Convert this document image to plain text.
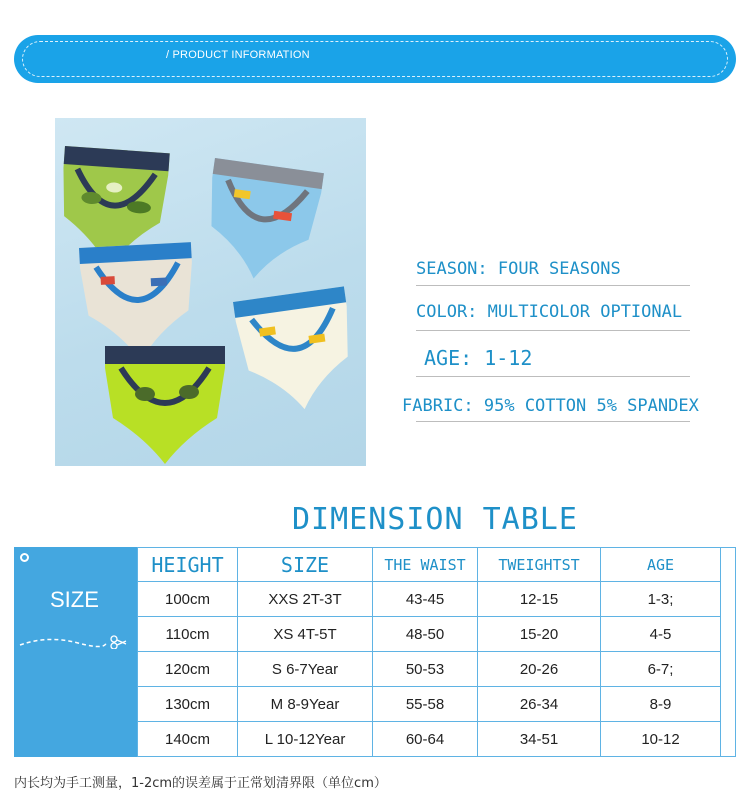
/ PRODUCT INFORMATION
SEASON: FOUR SEASONS
COLOR: MULTICOLOR OPTIONAL
AGE: 1-12
FABRIC: 95% COTTON 5% SPANDEX
DIMENSION TABLE
SIZE
HEIGHT	SIZE	THE WAIST	TWEIGHTST	AGE
100cm	XXS 2T-3T	43-45	12-15	1-3;
110cm	XS 4T-5T	48-50	15-20	4-5
120cm	S 6-7Year	50-53	20-26	6-7;
130cm	M 8-9Year	55-58	26-34	8-9
140cm	L 10-12Year	60-64	34-51	10-12
内长均为手工测量，1-2cm的误差属于正常划清界限（单位cm）
